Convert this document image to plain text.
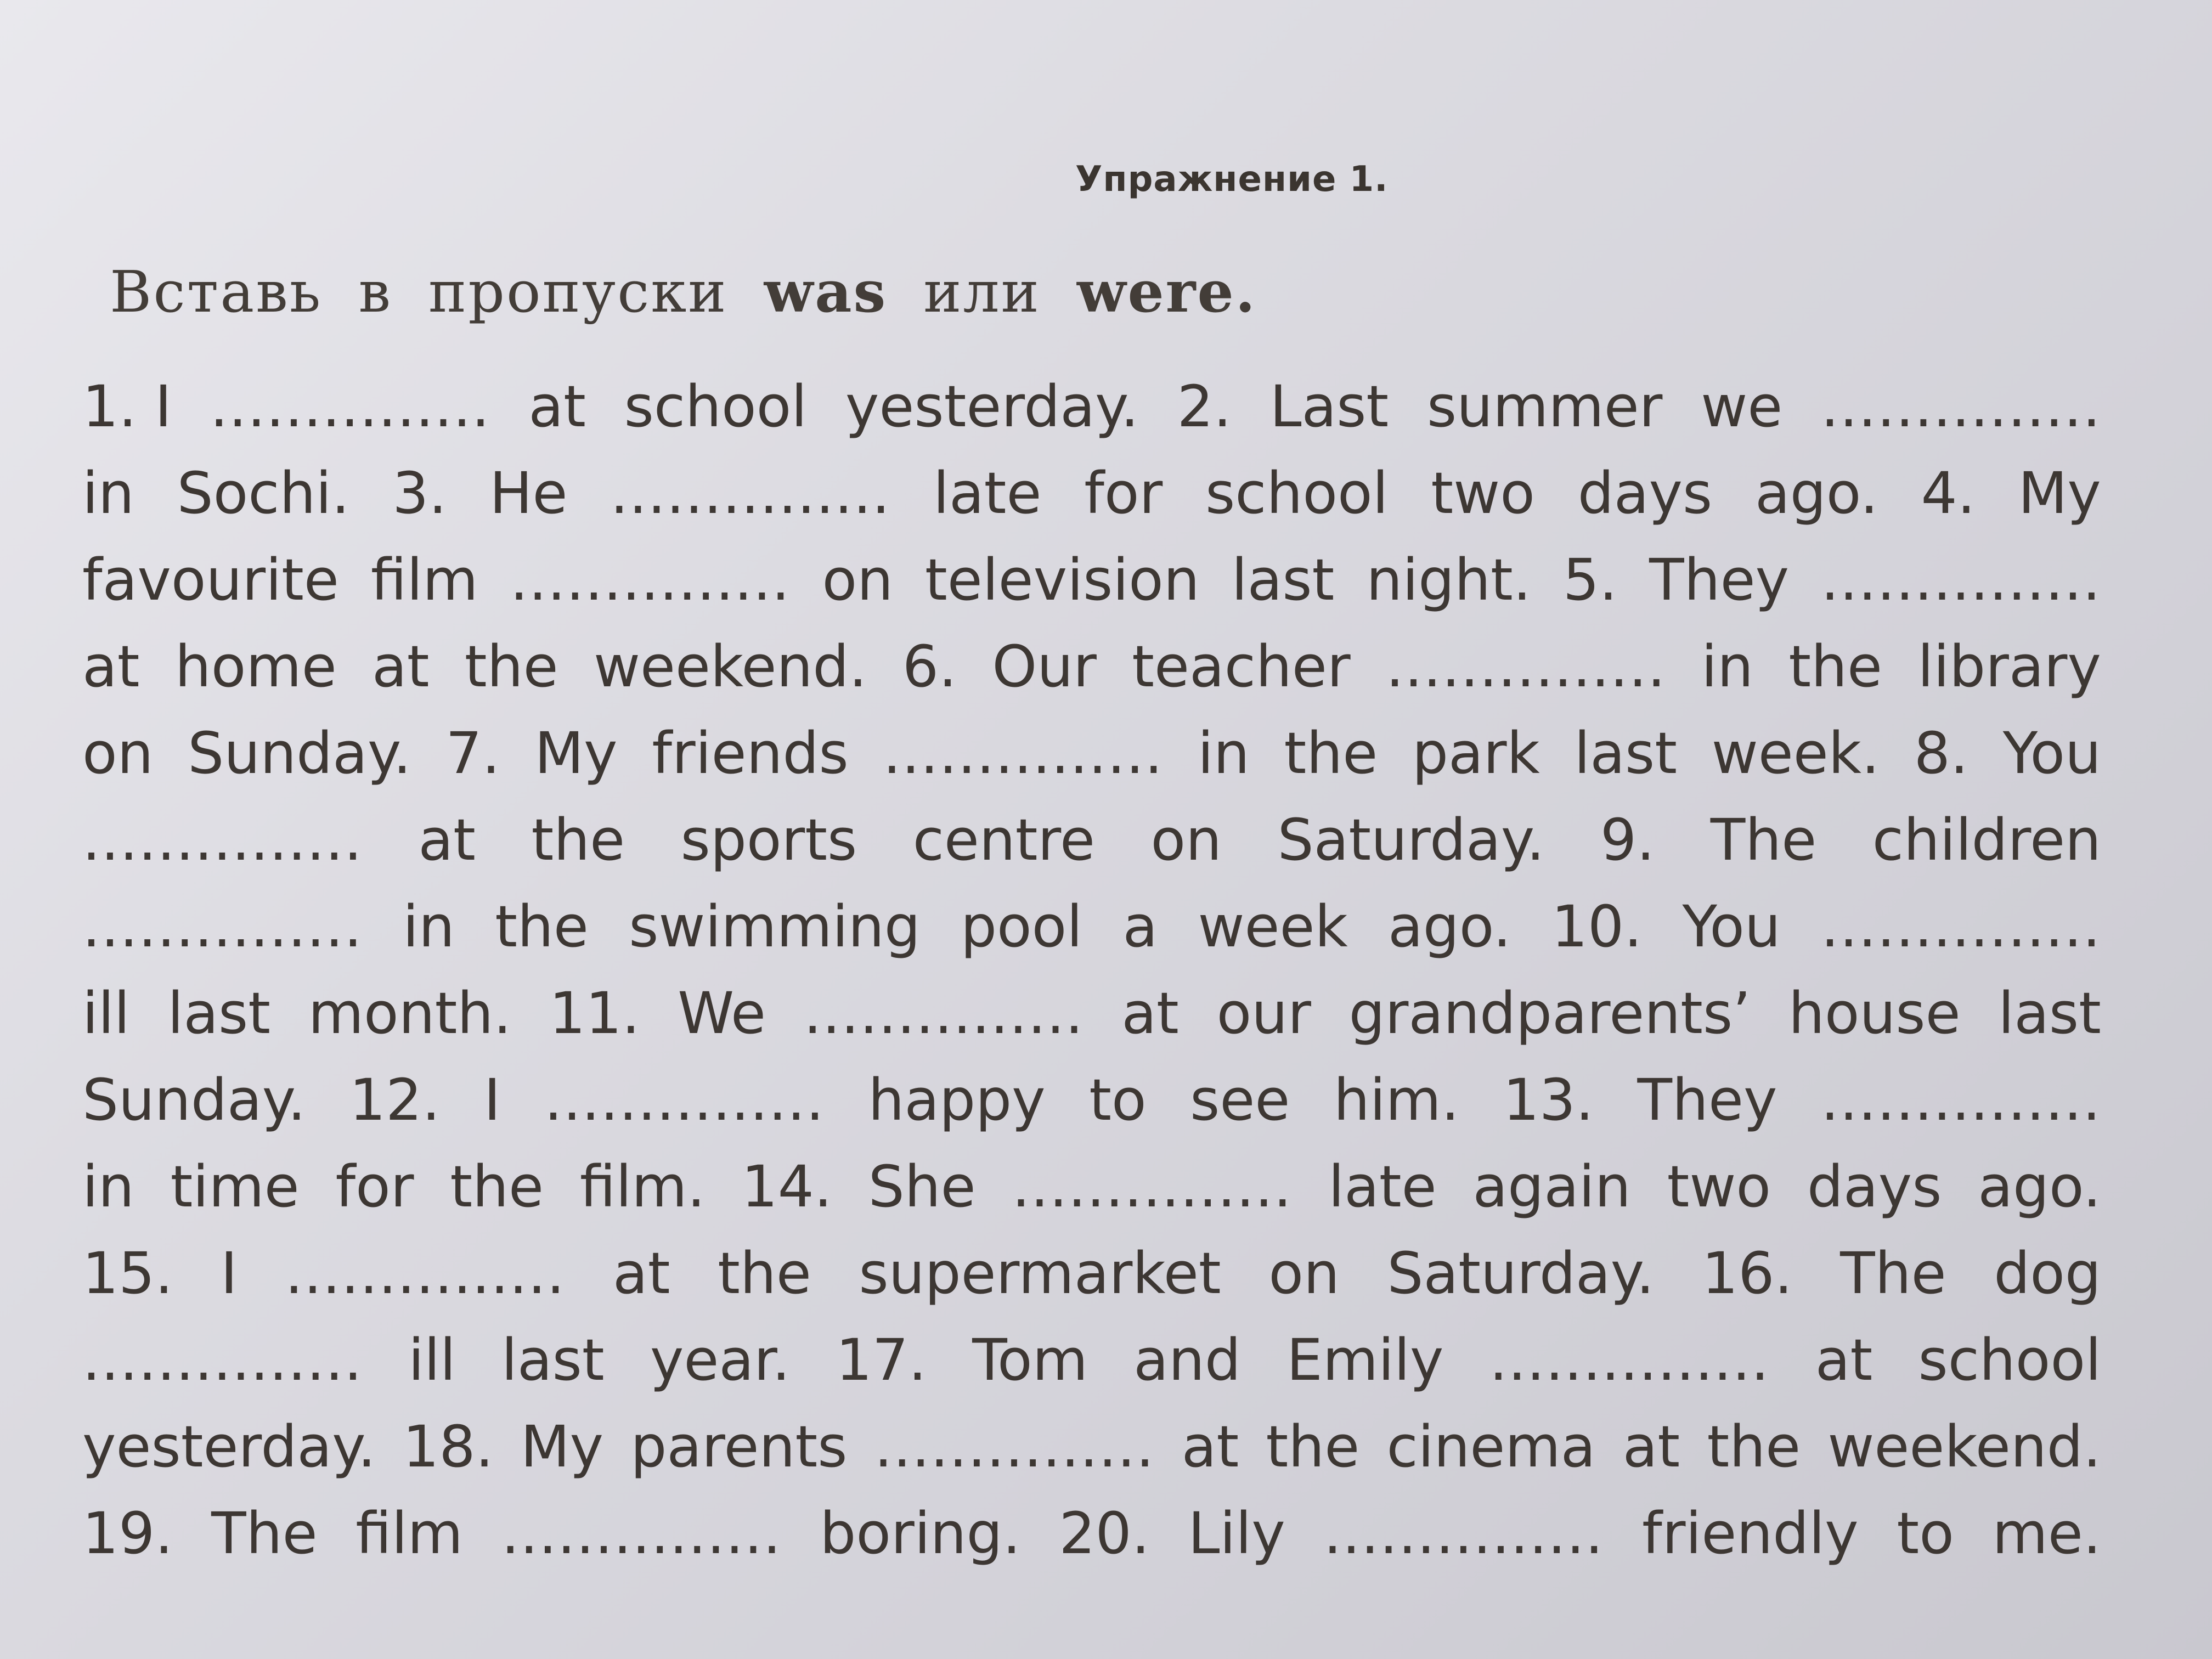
Упражнение 1.
Вставь в пропуски was или were.
1. I ............... at school yesterday. 2. Last summer we ...............
in Sochi. 3. He ............... late for school two days ago. 4. My
favourite film ............... on television last night. 5. They ...............
at home at the weekend. 6. Our teacher ............... in the library
on Sunday. 7. My friends ............... in the park last week. 8. You
............... at the sports centre on Saturday. 9. The children
............... in the swimming pool a week ago. 10. You ...............
ill last month. 11. We ............... at our grandparents’ house last
Sunday. 12. I ............... happy to see him. 13. They ...............
in time for the film. 14. She ............... late again two days ago.
15. I ............... at the supermarket on Saturday. 16. The dog
............... ill last year. 17. Tom and Emily ............... at school
yesterday. 18. My parents ............... at the cinema at the weekend.
19. The film ............... boring. 20. Lily ............... friendly to me.
